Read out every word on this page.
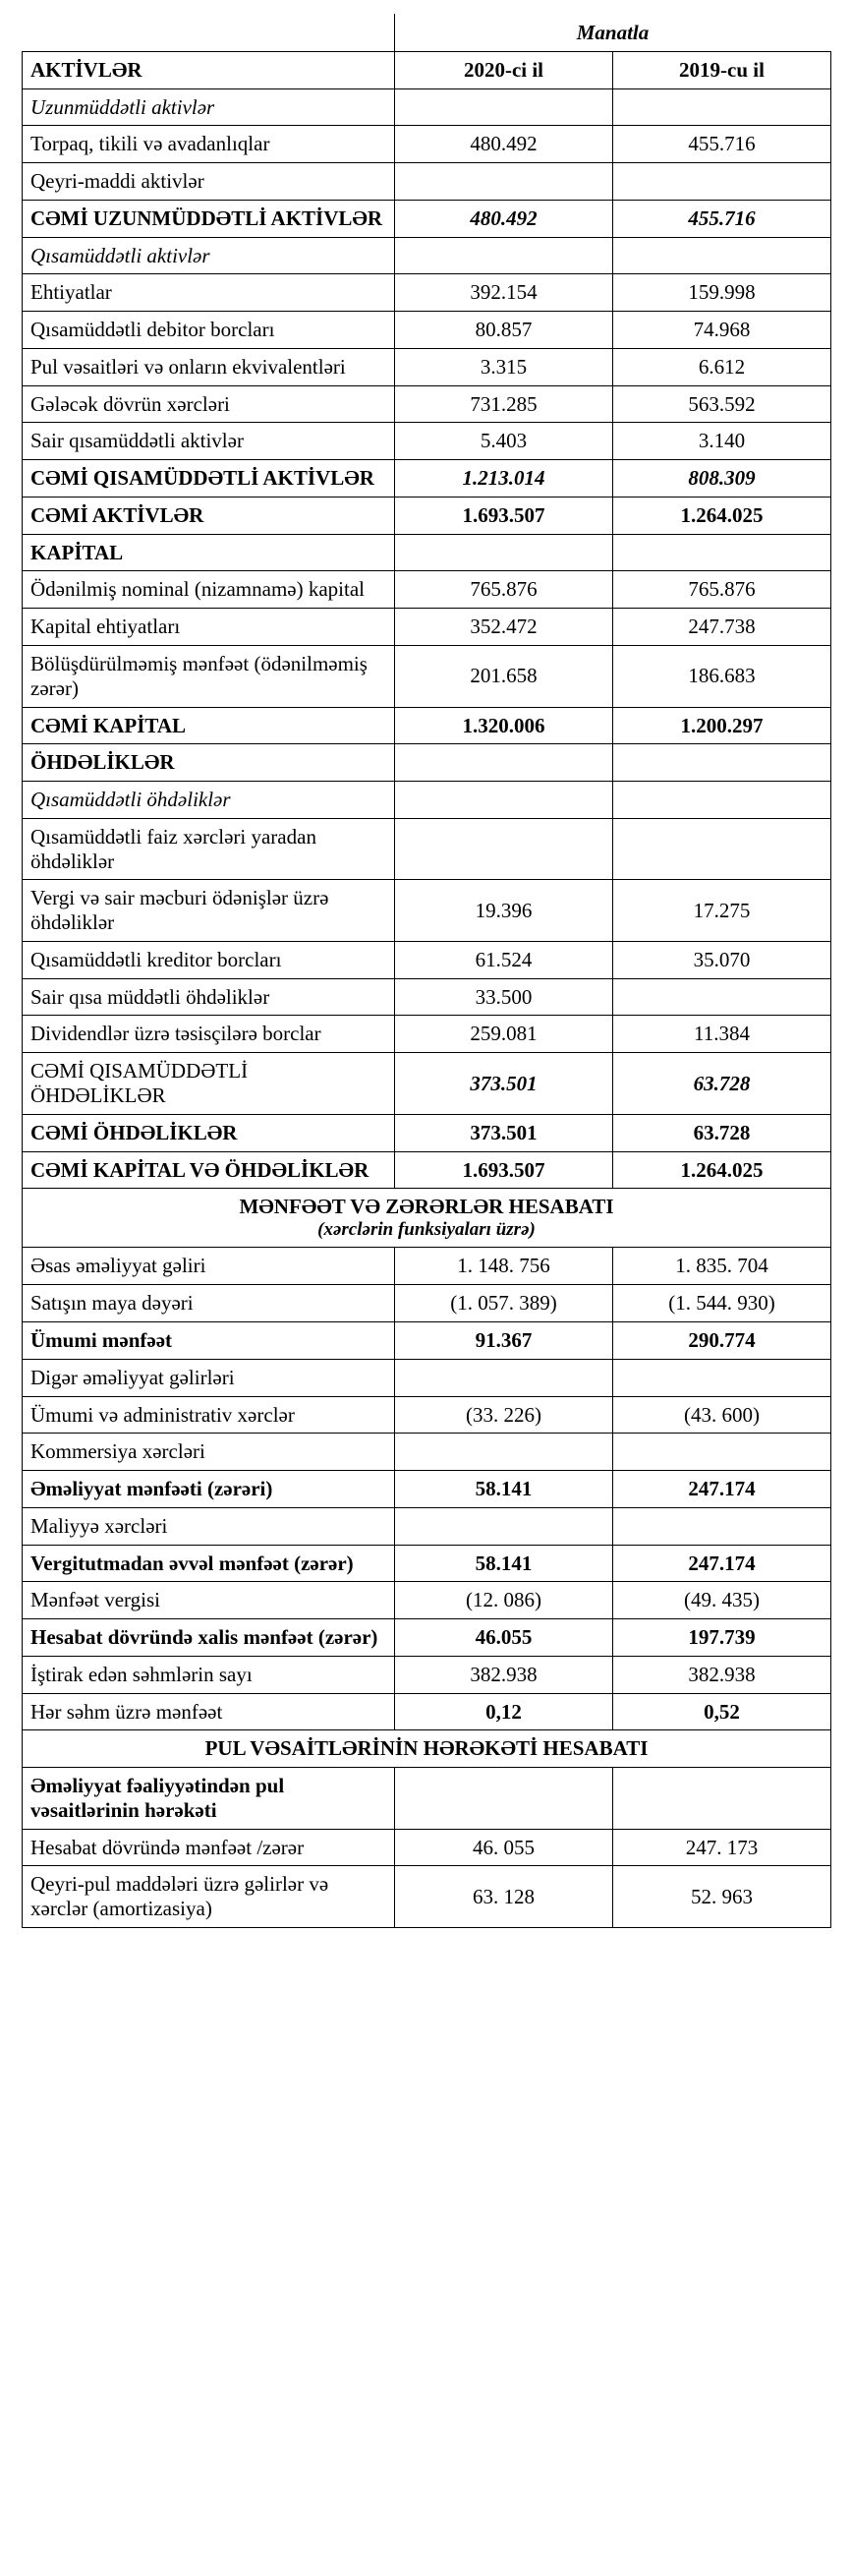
	Manatla	
AKTİVLƏR	2020-ci il	2019-cu il
Uzunmüddətli aktivlər		
Torpaq, tikili və avadanlıqlar	480.492	455.716
Qeyri-maddi aktivlər		
CƏMİ UZUNMÜDDƏTLİ AKTİVLƏR	480.492	455.716
Qısamüddətli aktivlər		
Ehtiyatlar	392.154	159.998
Qısamüddətli debitor borcları	80.857	74.968
Pul vəsaitləri və onların ekvivalentləri	3.315	6.612
Gələcək dövrün xərcləri	731.285	563.592
Sair qısamüddətli aktivlər	5.403	3.140
CƏMİ QISAMÜDDƏTLİ AKTİVLƏR	1.213.014	808.309
CƏMİ AKTİVLƏR	1.693.507	1.264.025
KAPİTAL		
Ödənilmiş nominal (nizamnamə) kapital	765.876	765.876
Kapital ehtiyatları	352.472	247.738
Bölüşdürülməmiş mənfəət (ödənilməmiş zərər)	201.658	186.683
CƏMİ KAPİTAL	1.320.006	1.200.297
ÖHDƏLİKLƏR		
Qısamüddətli öhdəliklər		
Qısamüddətli faiz xərcləri yaradan öhdəliklər		
Vergi və sair məcburi ödənişlər üzrə öhdəliklər	19.396	17.275
Qısamüddətli kreditor borcları	61.524	35.070
Sair qısa müddətli öhdəliklər	33.500	
Dividendlər üzrə təsisçilərə borclar	259.081	11.384
CƏMİ QISAMÜDDƏTLİ ÖHDƏLİKLƏR	373.501	63.728
CƏMİ ÖHDƏLİKLƏR	373.501	63.728
CƏMİ KAPİTAL VƏ ÖHDƏLİKLƏR	1.693.507	1.264.025

MƏNFƏƏT VƏ ZƏRƏRLƏR HESABATI
(xərclərin funksiyaları üzrə)		

Əsas əməliyyat gəliri	1. 148. 756	1. 835. 704
Satışın maya dəyəri	(1. 057. 389)	(1. 544. 930)
Ümumi mənfəət	91.367	290.774
Digər əməliyyat gəlirləri		
Ümumi və administrativ xərclər	(33. 226)	(43. 600)
Kommersiya xərcləri		
Əməliyyat mənfəəti (zərəri)	58.141	247.174
Maliyyə xərcləri		
Vergitutmadan əvvəl mənfəət (zərər)	58.141	247.174
Mənfəət vergisi	(12. 086)	(49. 435)
Hesabat dövründə xalis mənfəət (zərər)	46.055	197.739
İştirak edən səhmlərin sayı	382.938	382.938
Hər səhm üzrə mənfəət	0,12	0,52
PUL VƏSAİTLƏRİNİN HƏRƏKƏTİ HESABATI		
Əməliyyat fəaliyyətindən pul vəsaitlərinin hərəkəti		
Hesabat dövründə mənfəət /zərər	46. 055	247. 173
Qeyri-pul maddələri üzrə gəlirlər və xərclər (amortizasiya)	63. 128	52. 963
